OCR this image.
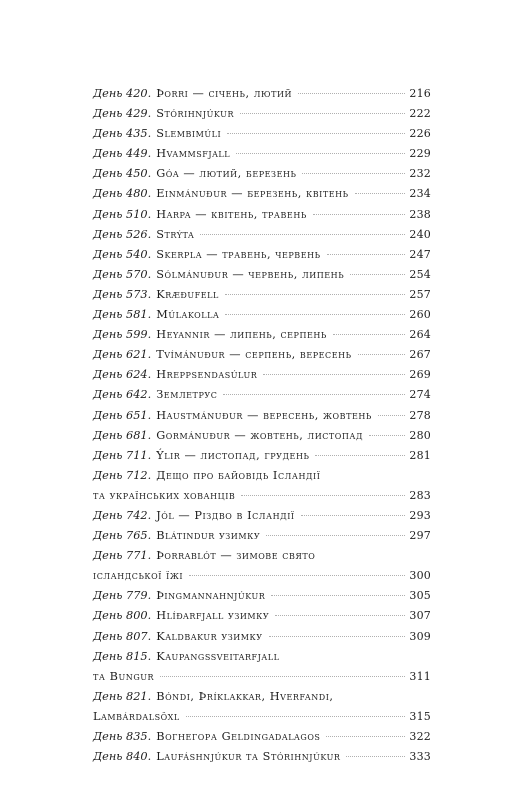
День 420. Þorri — січень, лютий	216
День 429. Stórihnjúkur	222
День 435. Slembimúli	226
День 449. Hvammsfjall	229
День 450. Góa — лютий, березень	232
День 480. Einmánuður — березень, квітень	234
День 510. Harpa — квітень, травень	238
День 526. Strýta	240
День 540. Skerpla — травень, червень	247
День 570. Sólmánuður — червень, липень	254
День 573. Kræðufell	257
День 581. Múlakolla	260
День 599. Heyannir — липень, серпень	264
День 621. Tvímánuður — серпень, вересень	267
День 624. Hreppsendasúlur	269
День 642. Землетрус	274
День 651. Haustmánuður — вересень, жовтень	278
День 681. Gormánuður — жовтень, листопад	280
День 711. Ýlir — листопад, грудень	281
День 712. Дещо про байовідь Ісландії
та українських хованців	283
День 742. Jól — Різдво в Ісландії	293
День 765. Blátindur узимку	297
День 771. Þorrablót — зимове свято
ісландської їжі	300
День 779. Þingmannahnjúkur	305
День 800. Hlíðarfjall узимку	307
День 807. Kaldbakur узимку	309
День 815. Kaupangssveitarfjall
та Bungur	311
День 821. Bóndi, Þríklakkar, Hverfandi,
Lambárdalsöxl	315
День 835. Вогнегора Geldingadalagos	322
День 840. Laufáshnjúkur та Stórihnjúkur	333
